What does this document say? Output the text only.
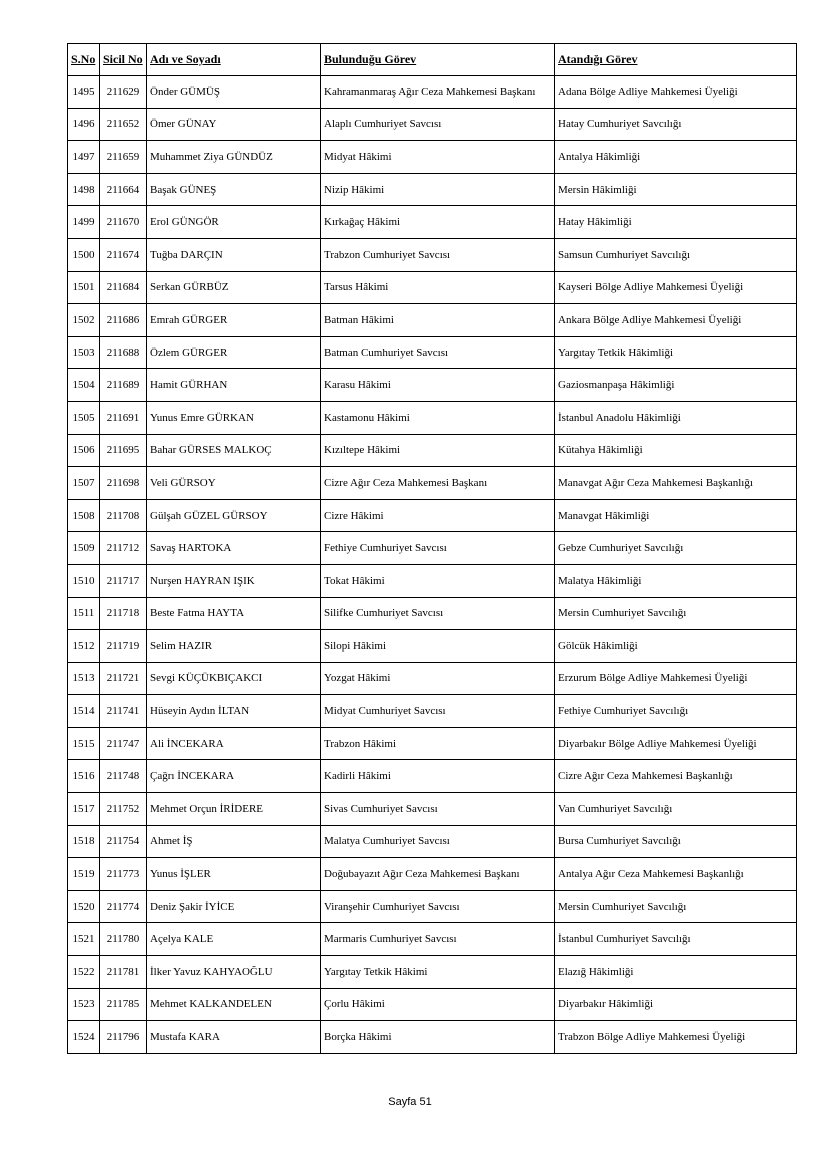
S.No	Sicil No	Adı ve Soyadı	Bulunduğu Görev	Atandığı Görev
1495	211629	Önder GÜMÜŞ	Kahramanmaraş Ağır Ceza Mahkemesi Başkanı	Adana Bölge Adliye Mahkemesi Üyeliği
1496	211652	Ömer GÜNAY	Alaplı Cumhuriyet Savcısı	Hatay Cumhuriyet Savcılığı
1497	211659	Muhammet Ziya GÜNDÜZ	Midyat Hâkimi	Antalya Hâkimliği
1498	211664	Başak GÜNEŞ	Nizip Hâkimi	Mersin Hâkimliği
1499	211670	Erol GÜNGÖR	Kırkağaç Hâkimi	Hatay Hâkimliği
1500	211674	Tuğba DARÇIN	Trabzon Cumhuriyet Savcısı	Samsun Cumhuriyet Savcılığı
1501	211684	Serkan GÜRBÜZ	Tarsus Hâkimi	Kayseri Bölge Adliye Mahkemesi Üyeliği
1502	211686	Emrah GÜRGER	Batman Hâkimi	Ankara Bölge Adliye Mahkemesi Üyeliği
1503	211688	Özlem GÜRGER	Batman Cumhuriyet Savcısı	Yargıtay Tetkik Hâkimliği
1504	211689	Hamit GÜRHAN	Karasu Hâkimi	Gaziosmanpaşa Hâkimliği
1505	211691	Yunus Emre GÜRKAN	Kastamonu Hâkimi	İstanbul Anadolu Hâkimliği
1506	211695	Bahar GÜRSES MALKOÇ	Kızıltepe Hâkimi	Kütahya Hâkimliği
1507	211698	Veli GÜRSOY	Cizre Ağır Ceza Mahkemesi Başkanı	Manavgat Ağır Ceza Mahkemesi Başkanlığı
1508	211708	Gülşah GÜZEL GÜRSOY	Cizre Hâkimi	Manavgat Hâkimliği
1509	211712	Savaş HARTOKA	Fethiye Cumhuriyet Savcısı	Gebze Cumhuriyet Savcılığı
1510	211717	Nurşen HAYRAN IŞIK	Tokat Hâkimi	Malatya Hâkimliği
1511	211718	Beste Fatma HAYTA	Silifke Cumhuriyet Savcısı	Mersin Cumhuriyet Savcılığı
1512	211719	Selim HAZIR	Silopi Hâkimi	Gölcük Hâkimliği
1513	211721	Sevgi KÜÇÜKBIÇAKCI	Yozgat Hâkimi	Erzurum Bölge Adliye Mahkemesi Üyeliği
1514	211741	Hüseyin Aydın İLTAN	Midyat Cumhuriyet Savcısı	Fethiye Cumhuriyet Savcılığı
1515	211747	Ali İNCEKARA	Trabzon Hâkimi	Diyarbakır Bölge Adliye Mahkemesi Üyeliği
1516	211748	Çağrı İNCEKARA	Kadirli Hâkimi	Cizre Ağır Ceza Mahkemesi Başkanlığı
1517	211752	Mehmet Orçun İRİDERE	Sivas Cumhuriyet Savcısı	Van Cumhuriyet Savcılığı
1518	211754	Ahmet İŞ	Malatya Cumhuriyet Savcısı	Bursa Cumhuriyet Savcılığı
1519	211773	Yunus İŞLER	Doğubayazıt Ağır Ceza Mahkemesi Başkanı	Antalya Ağır Ceza Mahkemesi Başkanlığı
1520	211774	Deniz Şakir İYİCE	Viranşehir Cumhuriyet Savcısı	Mersin Cumhuriyet Savcılığı
1521	211780	Açelya KALE	Marmaris Cumhuriyet Savcısı	İstanbul Cumhuriyet Savcılığı
1522	211781	İlker Yavuz KAHYAOĞLU	Yargıtay Tetkik Hâkimi	Elazığ Hâkimliği
1523	211785	Mehmet KALKANDELEN	Çorlu Hâkimi	Diyarbakır Hâkimliği
1524	211796	Mustafa KARA	Borçka Hâkimi	Trabzon Bölge Adliye Mahkemesi Üyeliği
Sayfa 51
